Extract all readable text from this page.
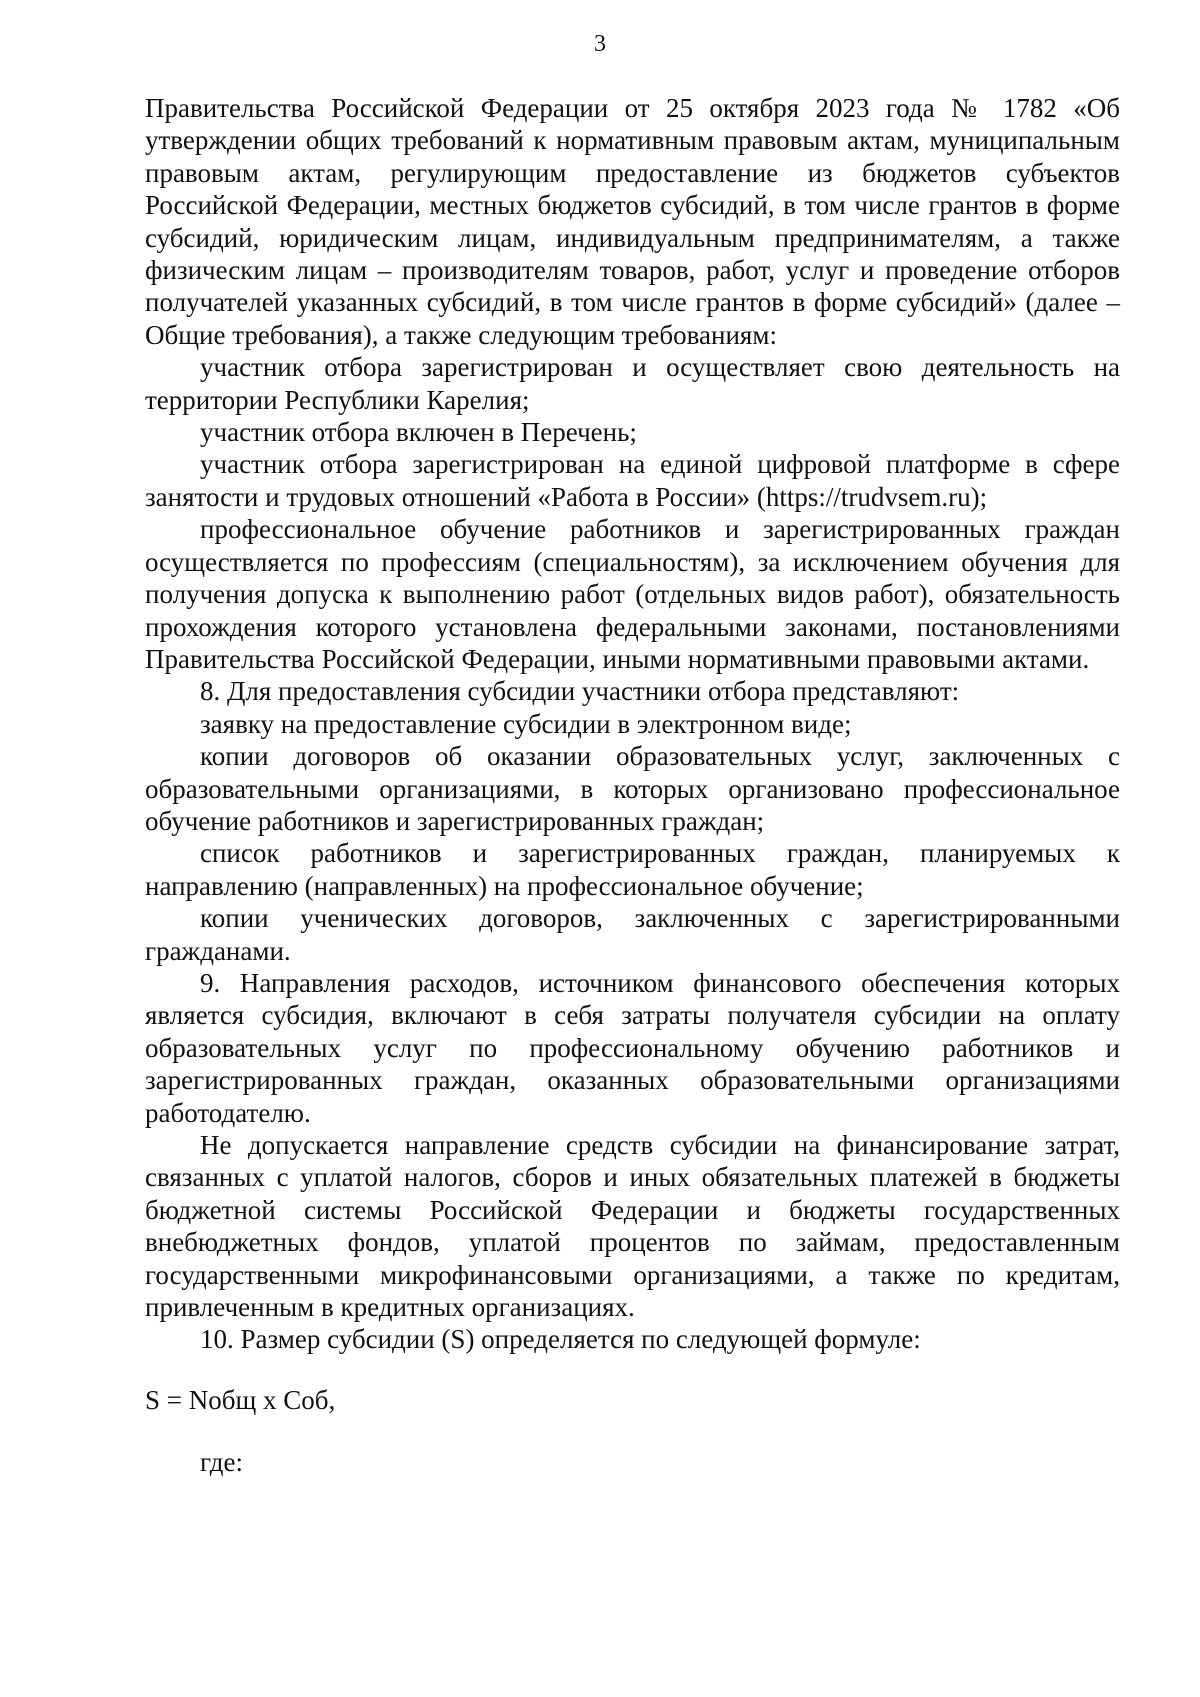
3

Правительства Российской Федерации от 25 октября 2023 года № 1782 «Об утверждении общих требований к нормативным правовым актам, муниципальным правовым актам, регулирующим предоставление из бюджетов субъектов Российской Федерации, местных бюджетов субсидий, в том числе грантов в форме субсидий, юридическим лицам, индивидуальным предпринимателям, а также физическим лицам – производителям товаров, работ, услуг и проведение отборов получателей указанных субсидий, в том числе грантов в форме субсидий» (далее – Общие требования), а также следующим требованиям:

участник отбора зарегистрирован и осуществляет свою деятельность на территории Республики Карелия;

участник отбора включен в Перечень;

участник отбора зарегистрирован на единой цифровой платформе в сфере занятости и трудовых отношений «Работа в России» (https://trudvsem.ru);

профессиональное обучение работников и зарегистрированных граждан осуществляется по профессиям (специальностям), за исключением обучения для получения допуска к выполнению работ (отдельных видов работ), обязательность прохождения которого установлена федеральными законами, постановлениями Правительства Российской Федерации, иными нормативными правовыми актами.

8. Для предоставления субсидии участники отбора представляют:

заявку на предоставление субсидии в электронном виде;

копии договоров об оказании образовательных услуг, заключенных с образовательными организациями, в которых организовано профессиональное обучение работников и зарегистрированных граждан;

список работников и зарегистрированных граждан, планируемых к направлению (направленных) на профессиональное обучение;

копии ученических договоров, заключенных с зарегистрированными гражданами.

9. Направления расходов, источником финансового обеспечения которых является субсидия, включают в себя затраты получателя субсидии на оплату образовательных услуг по профессиональному обучению работников и зарегистрированных граждан, оказанных образовательными организациями работодателю.

Не допускается направление средств субсидии на финансирование затрат, связанных с уплатой налогов, сборов и иных обязательных платежей в бюджеты бюджетной системы Российской Федерации и бюджеты государственных внебюджетных фондов, уплатой процентов по займам, предоставленным государственными микрофинансовыми организациями, а также по кредитам, привлеченным в кредитных организациях.

10. Размер субсидии (S) определяется по следующей формуле:

S = Nобщ х Cоб,

где:
